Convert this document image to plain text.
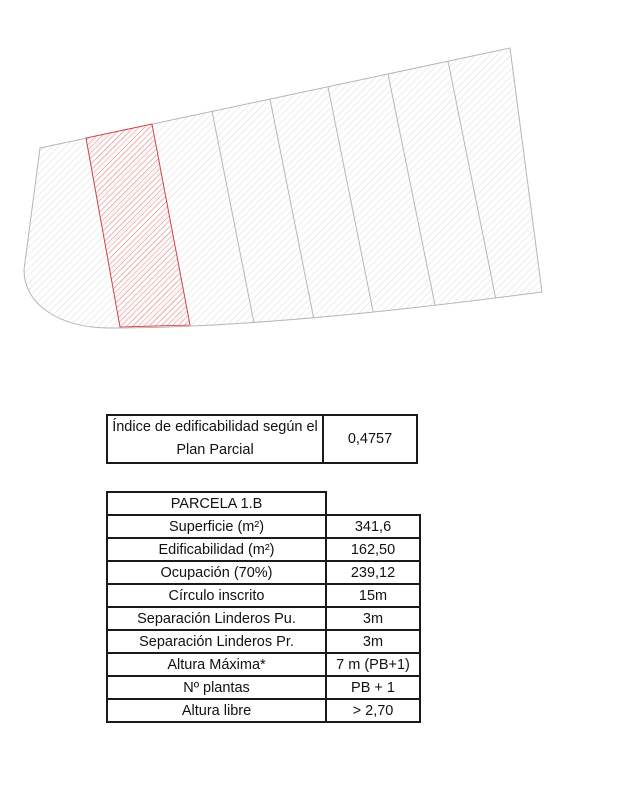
Índice de edificabilidad según el Plan Parcial	0,4757
PARCELA 1.B	
Superficie (m²)	341,6
Edificabilidad (m²)	162,50
Ocupación (70%)	239,12
Círculo inscrito	15m
Separación Linderos Pu.	3m
Separación Linderos Pr.	3m
Altura Máxima*	7 m (PB+1)
Nº plantas	PB + 1
Altura libre	> 2,70
